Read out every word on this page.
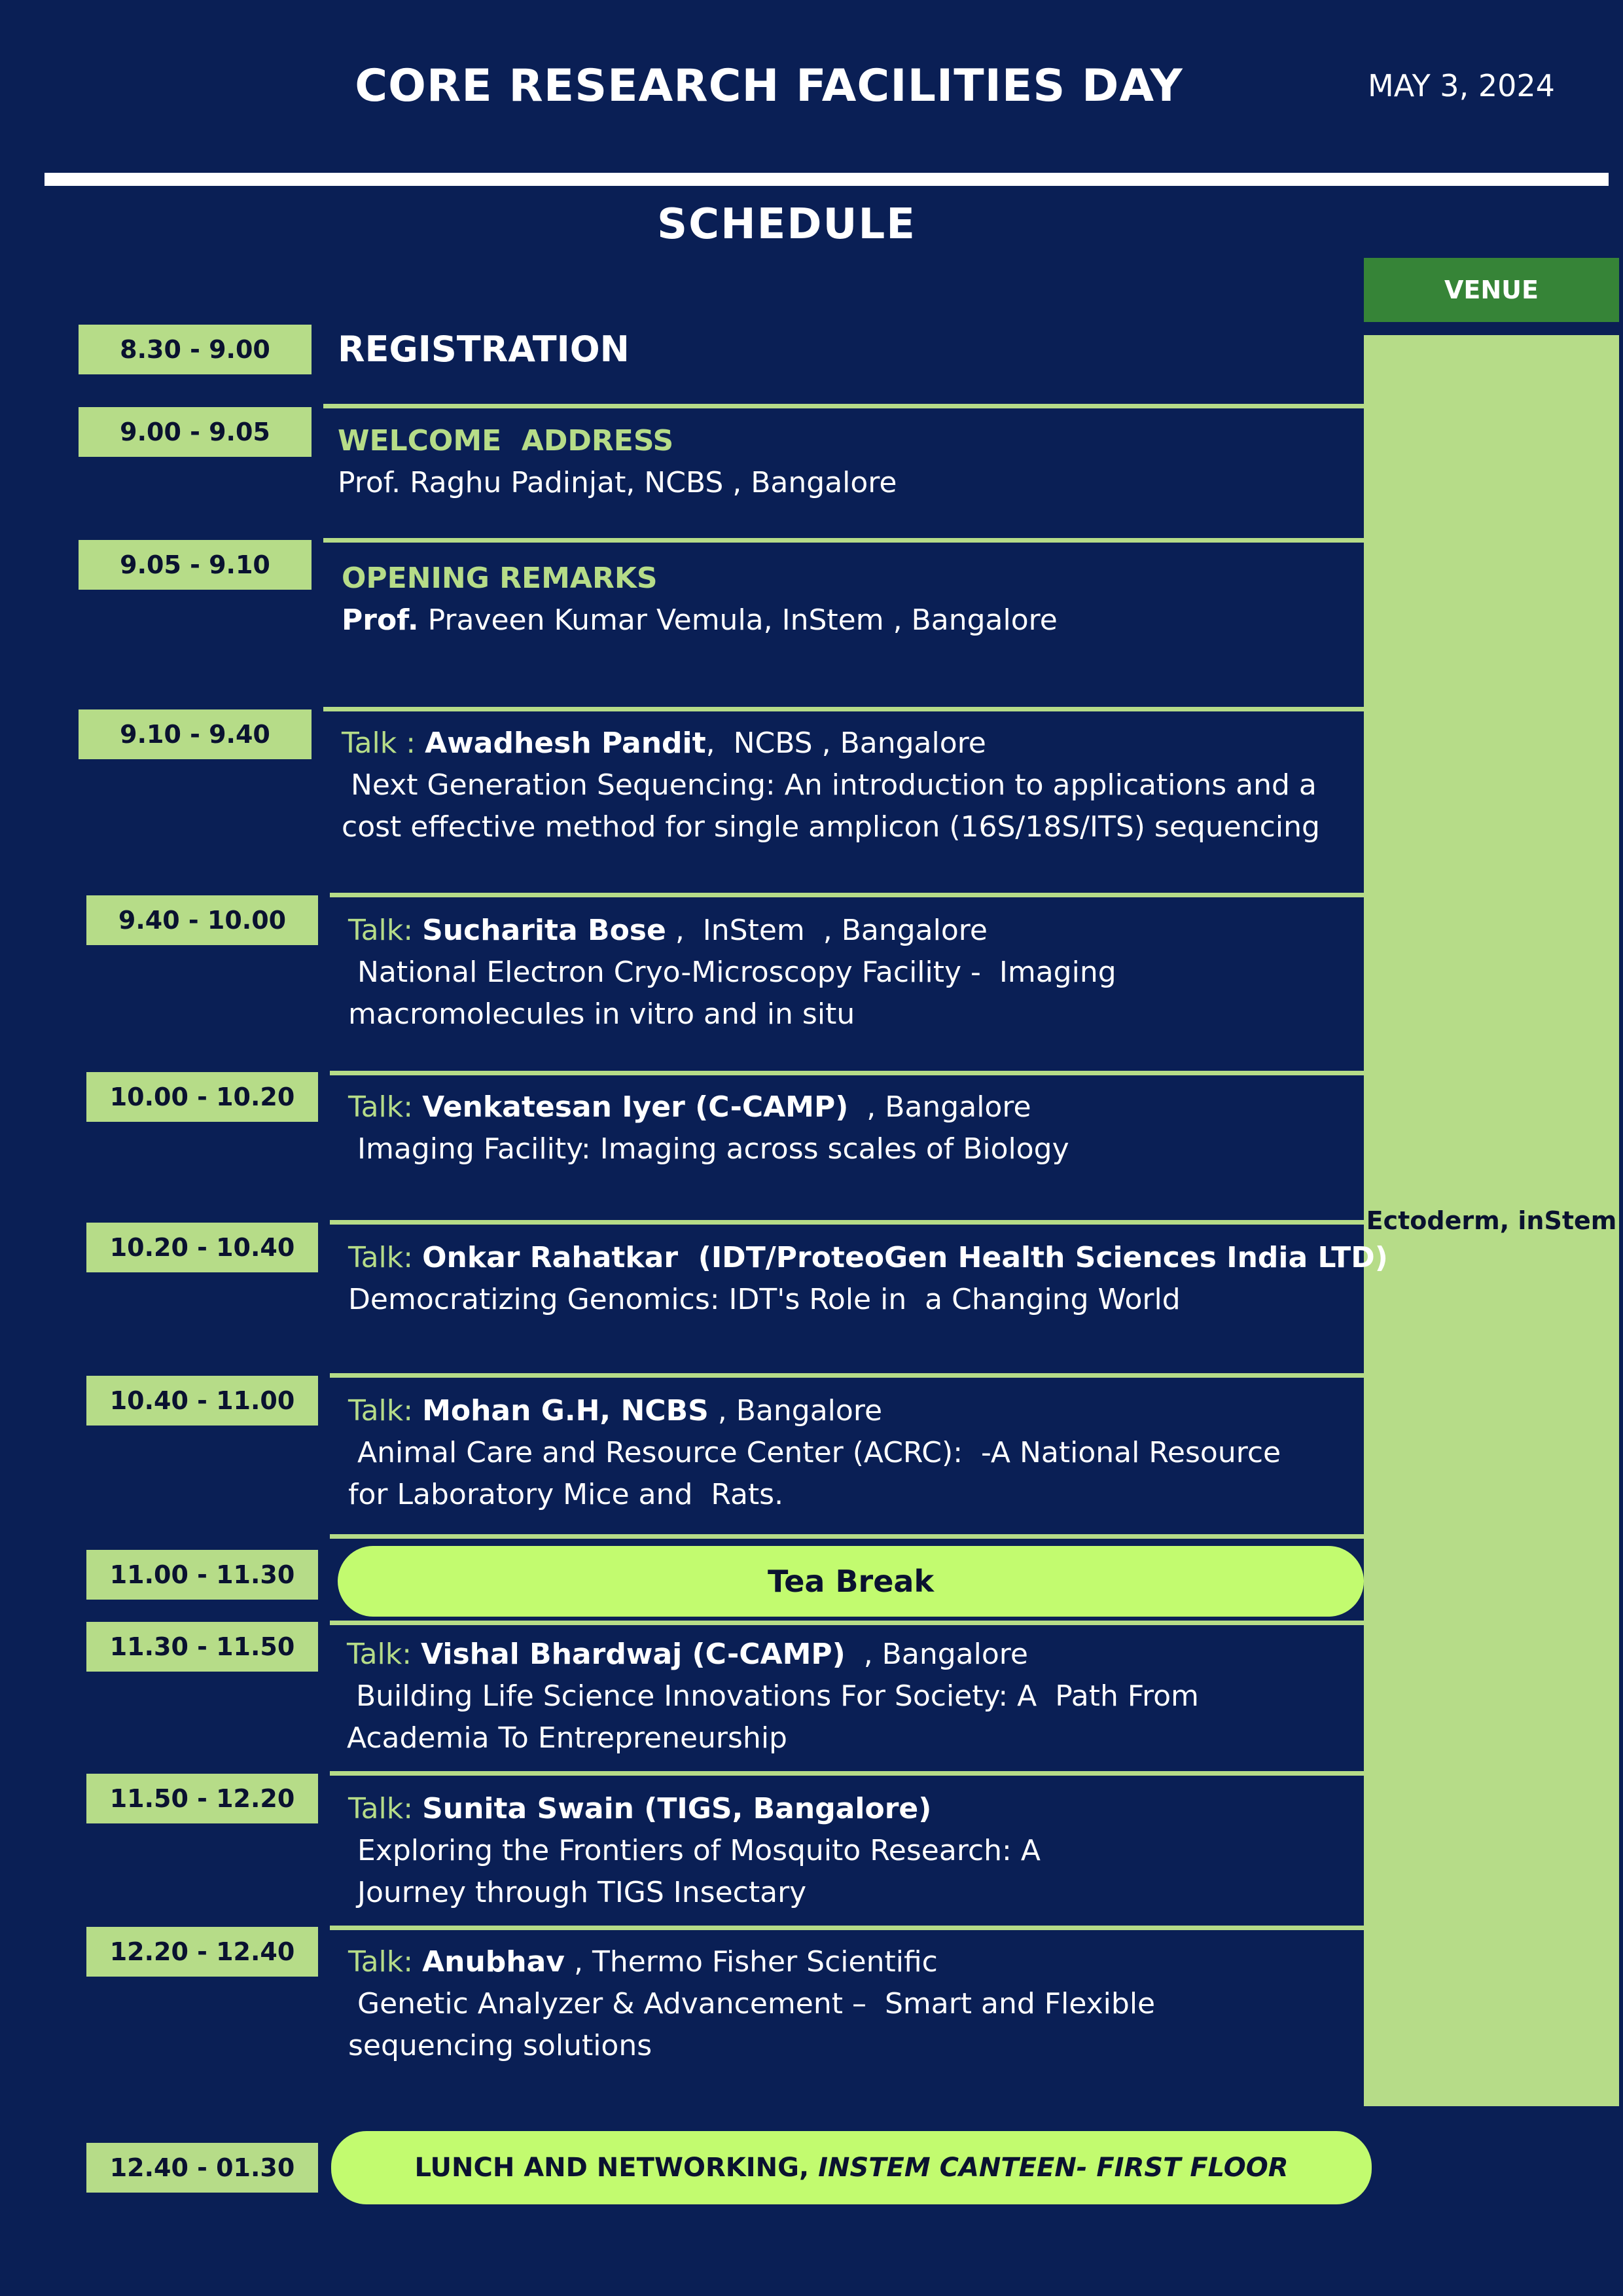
CORE RESEARCH FACILITIES DAY	MAY 3, 2024
SCHEDULE
VENUE
Ectoderm, inStem
8.30 - 9.00	REGISTRATION
9.00 - 9.05	WELCOME  ADDRESS
Prof. Raghu Padinjat, NCBS , Bangalore
9.05 - 9.10	OPENING REMARKS
Prof. Praveen Kumar Vemula, InStem , Bangalore
9.10 - 9.40	Talk : Awadhesh Pandit,  NCBS , Bangalore
Next Generation Sequencing: An introduction to applications and a
cost effective method for single amplicon (16S/18S/ITS) sequencing
9.40 - 10.00	Talk: Sucharita Bose ,  InStem  , Bangalore
National Electron Cryo-Microscopy Facility -  Imaging
macromolecules in vitro and in situ
10.00 - 10.20	Talk: Venkatesan Iyer (C-CAMP)  , Bangalore
Imaging Facility: Imaging across scales of Biology
10.20 - 10.40	Talk: Onkar Rahatkar  (IDT/ProteoGen Health Sciences India LTD)
Democratizing Genomics: IDT's Role in  a Changing World
10.40 - 11.00	Talk: Mohan G.H, NCBS , Bangalore
Animal Care and Resource Center (ACRC):  -A National Resource
for Laboratory Mice and  Rats.
11.00 - 11.30	Tea Break
11.30 - 11.50	Talk: Vishal Bhardwaj (C-CAMP)  , Bangalore
Building Life Science Innovations For Society: A  Path From
Academia To Entrepreneurship
11.50 - 12.20	Talk: Sunita Swain (TIGS, Bangalore)
Exploring the Frontiers of Mosquito Research: A
Journey through TIGS Insectary
12.20 - 12.40	Talk: Anubhav , Thermo Fisher Scientific
Genetic Analyzer & Advancement –  Smart and Flexible
sequencing solutions
12.40 - 01.30	LUNCH AND NETWORKING, INSTEM CANTEEN- FIRST FLOOR
